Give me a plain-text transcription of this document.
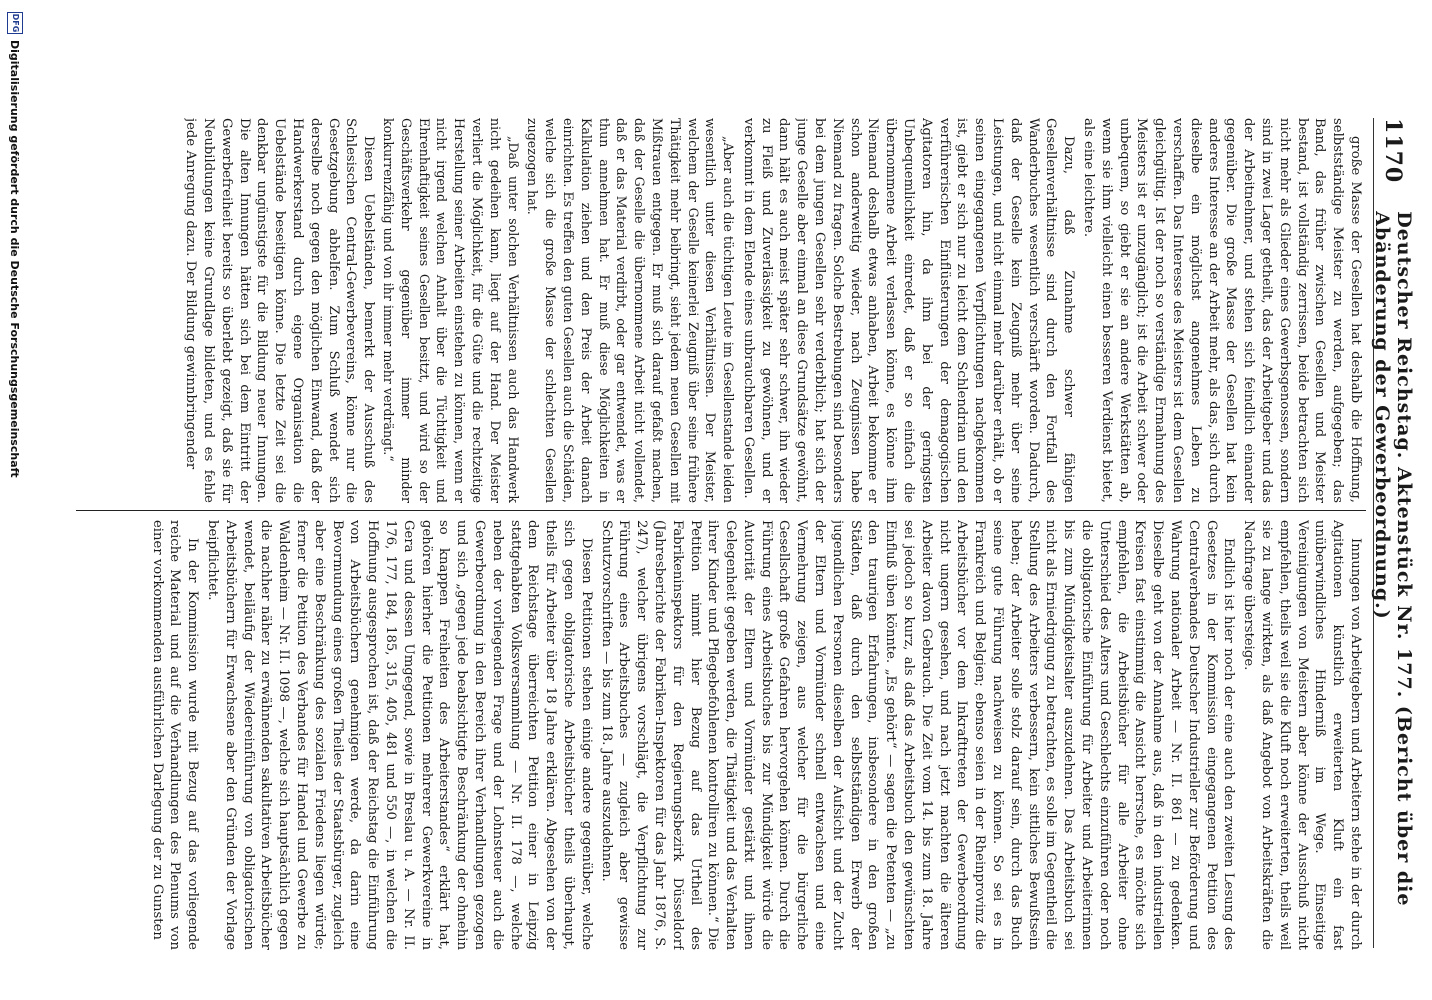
1170
Deutscher Reichstag. Aktenstück Nr. 177. (Bericht über die Abänderung der Gewerbeordnung.)

große Masse der Gesellen hat deshalb die Hoffnung, selbstständige Meister zu werden, aufgegeben; das Band, das früher zwischen Gesellen und Meister bestand, ist vollständig zerrissen, beide betrachten sich nicht mehr als Glieder eines Gewerbsgenossen, sondern sind in zwei Lager getheilt, das der Arbeitgeber und das der Arbeitnehmer, und stehen sich feindlich einander gegenüber. Die große Masse der Gesellen hat kein anderes Interesse an der Arbeit mehr, als das, sich durch dieselbe ein möglichst angenehmes Leben zu verschaffen. Das Interesse des Meisters ist dem Gesellen gleichgültig. Ist der noch so verständige Ermahnung des Meisters ist er unzugänglich; ist die Arbeit schwer oder unbequem, so giebt er sie an andere Werkstätten ab, wenn sie ihm vielleicht einen besseren Verdienst bietet, als eine leichtere.

Dazu, daß Zunahme schwer fähigen Gesellenverhältnisse sind durch den Fortfall des Wanderbuches wesentlich verschärft worden. Dadurch, daß der Geselle kein Zeugniß mehr über seine Leistungen, und nicht einmal mehr darüber erhält, ob er seinen eingegangenen Verpflichtungen nachgekommen ist, giebt er sich nur zu leicht dem Schlendrian und den verführerischen Einflüsterungen der demagogischen Agitatoren hin, da ihm bei der geringsten Unbequemlichkeit einredet, daß er so einfach die übernommene Arbeit verlassen könne, es könne ihm Niemand deshalb etwas anhaben, Arbeit bekomme er schon anderweitig wieder, nach Zeugnissen habe Niemand zu fragen. Solche Bestrebungen sind besonders bei dem jungen Gesellen sehr verderblich; hat sich der junge Geselle aber einmal an diese Grundsätze gewöhnt, dann hält es auch meist später sehr schwer, ihn wieder zu Fleiß und Zuverlässigkeit zu gewöhnen, und er verkommt in dem Elende eines unbrauchbaren Gesellen.

„Aber auch die tüchtigen Leute im Gesellenstande leiden wesentlich unter diesen Verhältnissen. Der Meister, welchem der Geselle keinerlei Zeugniß über seine frühere Thätigkeit mehr beibringt, sieht jedem neuen Gesellen mit Mißtrauen entgegen. Er muß sich darauf gefaßt machen, daß der Geselle die übernommene Arbeit nicht vollendet, daß er das Material verdirbt, oder gar entwendet, was er thun annehmen hat. Er muß diese Möglichkeiten in Kalkulation ziehen und den Preis der Arbeit danach einrichten. Es treffen den guten Gesellen auch die Schäden, welche sich die große Masse der schlechten Gesellen zugezogen hat.

„Daß unter solchen Verhältnissen auch das Handwerk nicht gedeihen kann, liegt auf der Hand. Der Meister verliert die Möglichkeit, für die Güte und die rechtzeitige Herstellung seiner Arbeiten einstehen zu können, wenn er nicht irgend welchen Anhalt über die Tüchtigkeit und Ehrenhaftigkeit seines Gesellen besitzt, und wird so der Geschäftsverkehr gegenüber immer minder konkurrenzfähig und von ihr immer mehr verdrängt.“

Diesen Uebelständen, bemerkt der Ausschuß des Schlesischen Central-Gewerbevereins, könne nur die Gesetzgebung abhelfen. Zum Schluß wendet sich derselbe noch gegen den möglichen Einwand, daß der Handwerkerstand durch eigene Organisation die Uebelstände beseitigen könne. Die letzte Zeit sei die denkbar ungünstigste für die Bildung neuer Innungen. Die alten Innungen hätten sich bei dem Eintritt der Gewerbefreiheit bereits so überlebt gezeigt, daß sie für Neubildungen keine Grundlage bildeten, und es fehle jede Anregung dazu. Der Bildung gewinnbringender

Innungen von Arbeitgebern und Arbeitern stehe in der durch Agitationen künstlich erweiterten Kluft ein fast unüberwindliches Hinderniß im Wege. Einseitige Vereinigungen von Meistern aber könne der Ausschuß nicht empfehlen, theils weil sie die Kluft noch erweiterten, theils weil sie zu lange wirkten, als daß Angebot von Arbeitskräften die Nachfrage übersteige.

Endlich ist hier noch der eine auch den zweiten Lesung des Gesetzes in der Kommission eingegangenen Petition des Centralverbandes Deutscher Industrieller zur Beförderung und Wahrung nationaler Arbeit — Nr. II. 861 — zu gedenken. Dieselbe geht von der Annahme aus, daß in den industriellen Kreisen fast einstimmig die Ansicht herrsche, es möchte sich empfehlen, die Arbeitsbücher für alle Arbeiter ohne Unterschied des Alters und Geschlechts einzuführen oder noch die obligatorische Einführung für Arbeiter und Arbeiterinnen bis zum Mündigkeitsalter auszudehnen. Das Arbeitsbuch sei nicht als Erniedrigung zu betrachten, es solle im Gegentheil die Stellung des Arbeiters verbessern, kein sittliches Bewußtsein heben; der Arbeiter solle stolz darauf sein, durch das Buch seine gute Führung nachweisen zu können. So sei es in Frankreich und Belgien; ebenso seien in der Rheinprovinz die Arbeitsbücher vor dem Inkrafttreten der Gewerbeordnung nicht ungern gesehen, und nach jetzt machten die älteren Arbeiter davon Gebrauch. Die Zeit vom 14. bis zum 18. Jahre sei jedoch so kurz, als daß das Arbeitsbuch den gewünschten Einfluß üben könnte. „Es gehört“ — sagen die Petenten — „zu den traurigen Erfahrungen, insbesondere in den großen Städten, daß durch den selbstständigen Erwerb der jugendlichen Personen dieselben der Aufsicht und der Zucht der Eltern und Vormünder schnell entwachsen und eine Vermehrung zeigen, aus welcher für die bürgerliche Gesellschaft große Gefahren hervorgehen können. Durch die Führung eines Arbeitsbuches bis zur Mündigkeit würde die Autorität der Eltern und Vormünder gestärkt und ihnen Gelegenheit gegeben werden, die Thätigkeit und das Verhalten ihrer Kinder und Pflegebefohlenen kontrolliren zu können.“ Die Petition nimmt hier Bezug auf das Urtheil des Fabrikeninspektors für den Regierungsbezirk Düsseldorf (Jahresberichte der Fabriken-Inspektoren für das Jahr 1876, S. 247), welcher übrigens vorschlägt, die Verpflichtung zur Führung eines Arbeitsbuches — zugleich aber gewisse Schutzvorschriften — bis zum 18. Jahre auszudehnen.

Diesen Petitionen stehen einige andere gegenüber, welche sich gegen obligatorische Arbeitsbücher theils überhaupt, theils für Arbeiter über 18 Jahre erklären. Abgesehen von der dem Reichstage überreichten Petition einer in Leipzig stattgehabten Volksversammlung — Nr. II. 178 —, welche neben der vorliegenden Frage und der Lohnsteuer auch die Gewerbeordnung in den Bereich ihrer Verhandlungen gezogen und sich „gegen jede beabsichtigte Beschränkung der ohnehin so knappen Freiheiten des Arbeiterstandes“ erklärt hat, gehören hierher die Petitionen mehrerer Gewerkvereine in Gera und dessen Umgegend, sowie in Breslau u. A. — Nr. II. 176, 177, 184, 185, 315, 405, 481 und 550 —, in welchen die Hoffnung ausgesprochen ist, daß der Reichstag die Einführung von Arbeitsbüchern genehmigen werde, da darin eine Bevormundung eines großen Theiles der Staatsbürger, zugleich aber eine Beschränkung des sozialen Friedens liegen würde; ferner die Petition des Verbandes für Handel und Gewerbe zu Waldenheim — Nr. II. 1098 —, welche sich hauptsächlich gegen die nachher näher zu erwähnenden sakultativen Arbeitsbücher wendet, beiläufig der Wiedereinführung von obligatorischen Arbeitsbüchern für Erwachsene aber den Gründen der Vorlage beipflichtet.

In der Kommission wurde mit Bezug auf das vorliegende reiche Material und auf die Verhandlungen des Plenums von einer vorkommenden ausführlichen Darlegung der zu Gunsten

DFG
Digitalisierung gefördert durch die Deutsche Forschungsgemeinschaft
